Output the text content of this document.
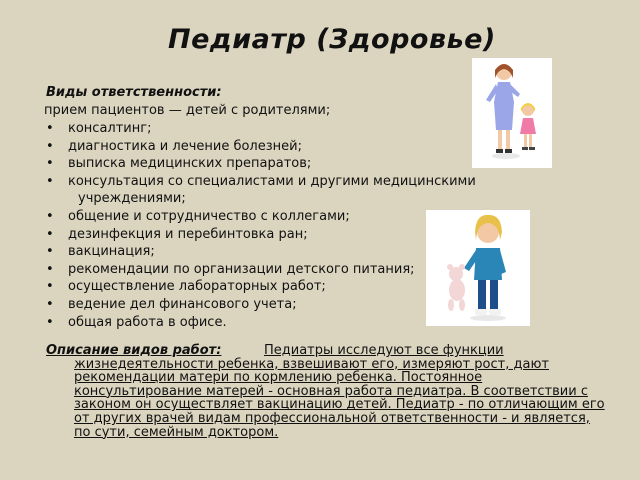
Педиатр (Здоровье)

Виды ответственности:

прием пациентов — детей с родителями;

• консалтинг;
• диагностика и лечение болезней;
• выписка медицинских препаратов;
• консультация со специалистами и другими медицинскими
учреждениями;
• общение и сотрудничество с коллегами;
• дезинфекция и перебинтовка ран;
• вакцинация;
• рекомендации по организации детского питания;
• осуществление лабораторных работ;
• ведение дел финансового учета;
• общая работа в офисе.
Описание видов работ:	Педиатры исследуют все функции жизнедеятельности ребенка, взвешивают его, измеряют рост, дают рекомендации матери по кормлению ребенка. Постоянное консультирование матерей - основная работа педиатра. В соответствии с законом он осуществляет вакцинацию детей. Педиатр - по отличающим его от других врачей видам профессиональной ответственности - и является, по сути, семейным доктором.
